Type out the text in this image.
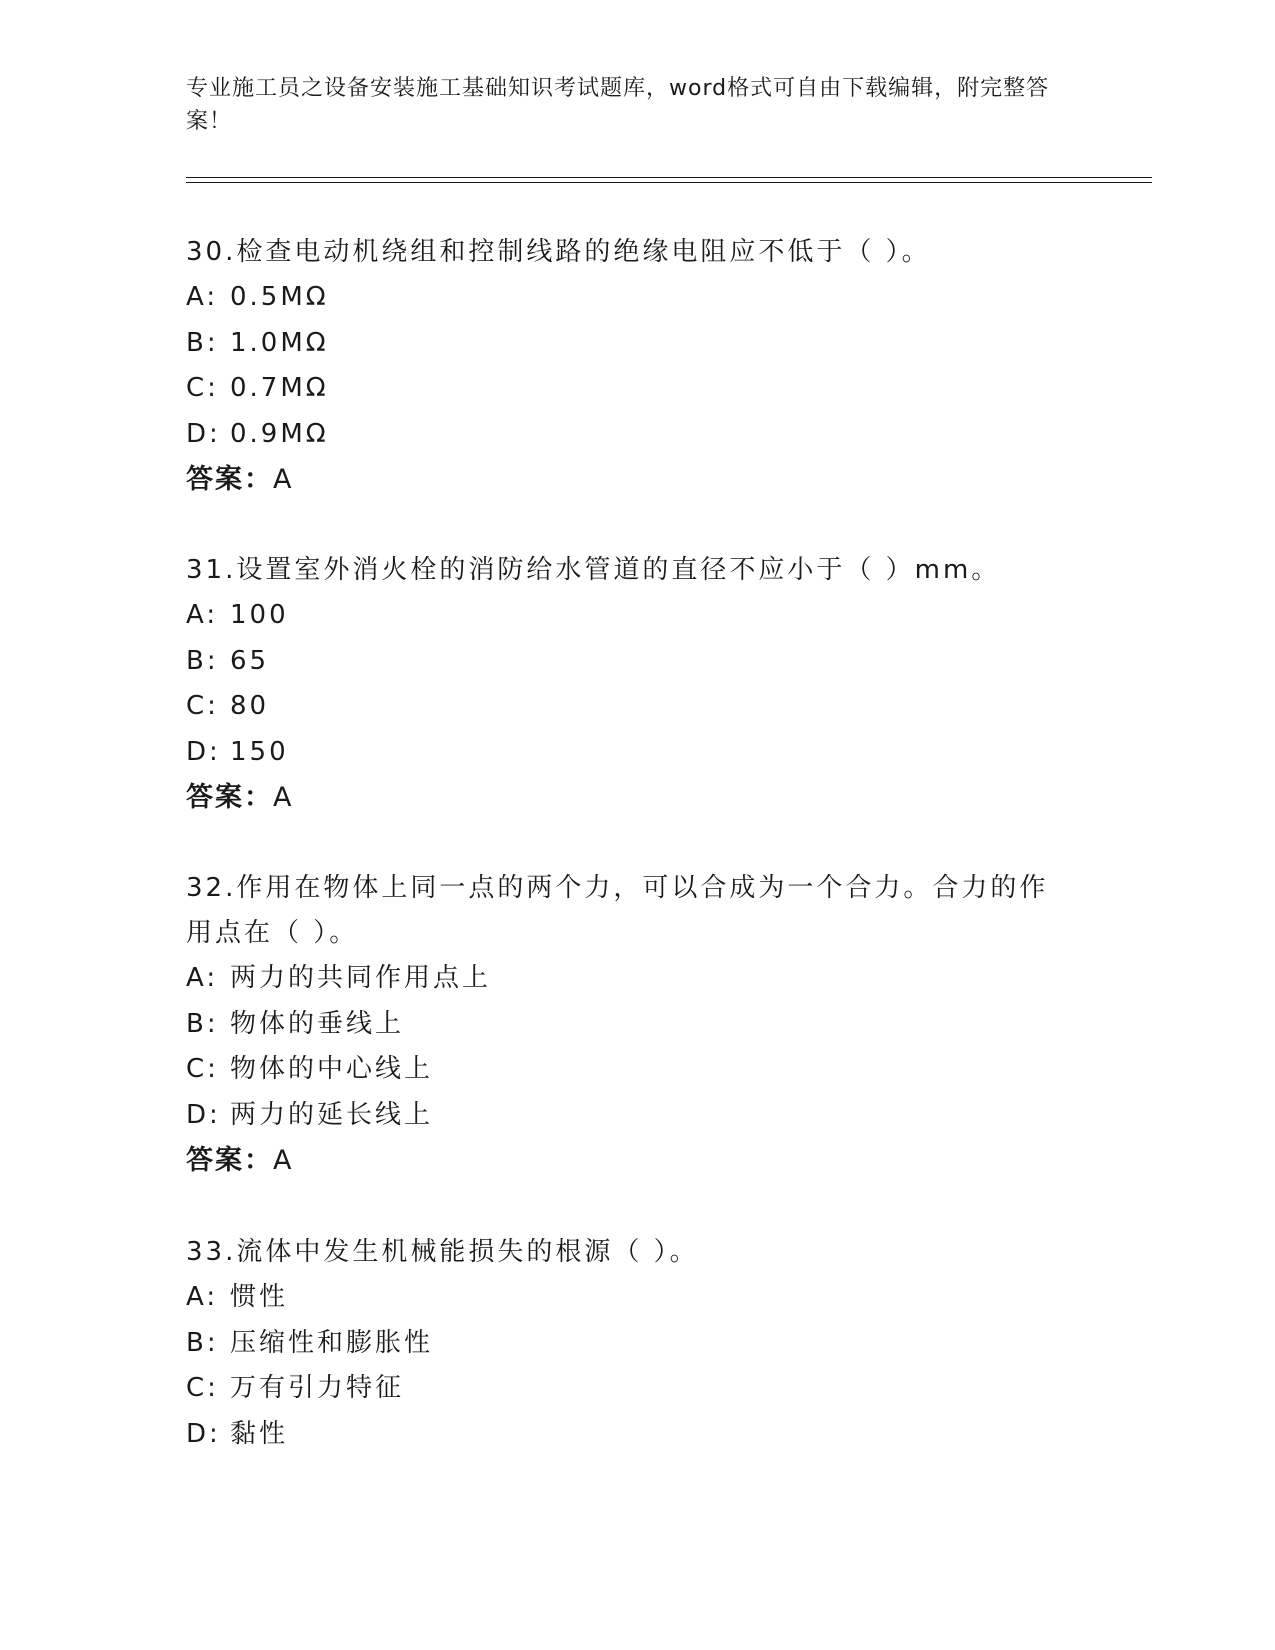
专业施工员之设备安装施工基础知识考试题库，word格式可自由下载编辑，附完整答案！

30.检查电动机绕组和控制线路的绝缘电阻应不低于（ ）。

A: 0.5MΩ

B: 1.0MΩ

C: 0.7MΩ

D: 0.9MΩ

答案：A

31.设置室外消火栓的消防给水管道的直径不应小于（ ）mm。

A: 100

B: 65

C: 80

D: 150

答案：A

32.作用在物体上同一点的两个力，可以合成为一个合力。合力的作用点在（ ）。

A: 两力的共同作用点上

B: 物体的垂线上

C: 物体的中心线上

D: 两力的延长线上

答案：A

33.流体中发生机械能损失的根源（ ）。

A: 惯性

B: 压缩性和膨胀性

C: 万有引力特征

D: 黏性
